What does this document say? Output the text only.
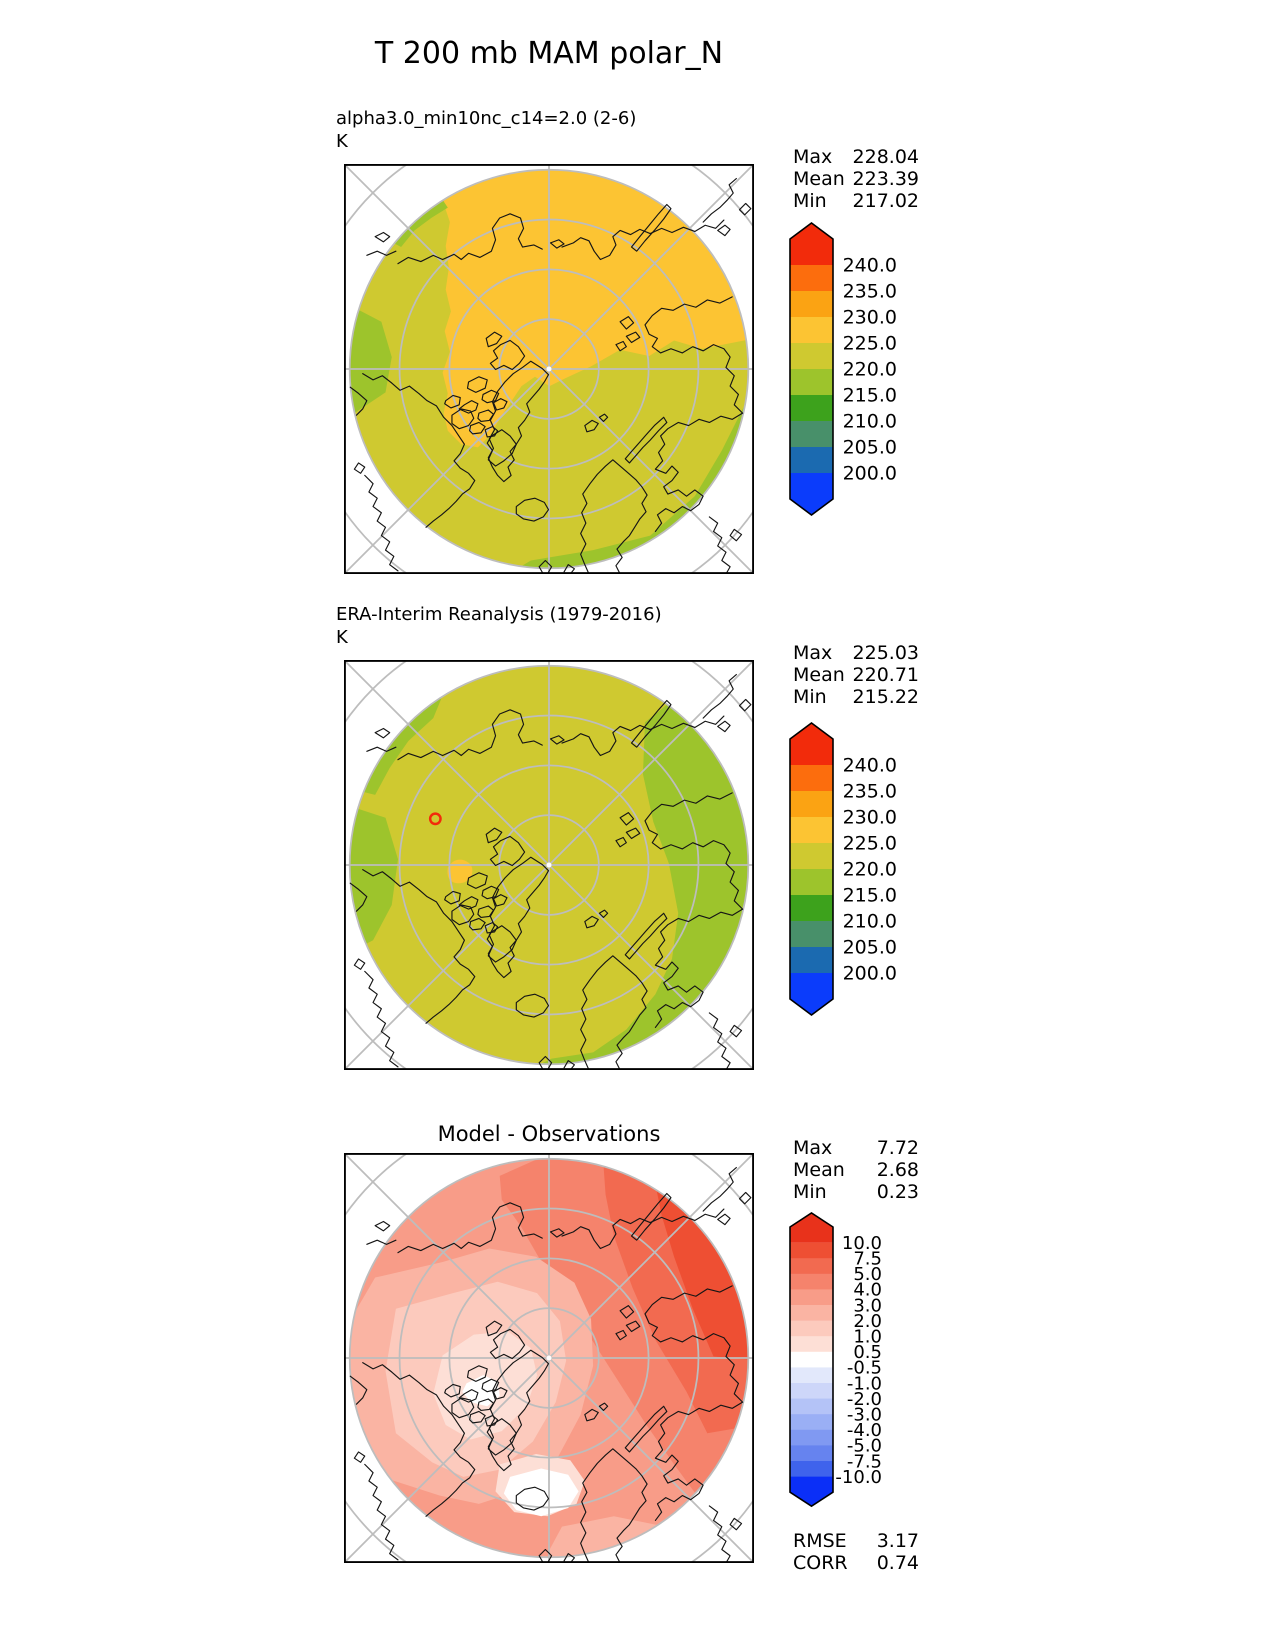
T 200 mb MAM polar_N
alpha3.0_min10nc_c14=2.0 (2-6)
K
Max 228.04
Mean 223.39
Min 217.02
240.0
235.0
230.0
225.0
220.0
215.0
210.0
205.0
200.0
ERA-Interim Reanalysis (1979-2016)
K
Max 225.03
Mean 220.71
Min 215.22
240.0
235.0
230.0
225.0
220.0
215.0
210.0
205.0
200.0
Model - Observations
Max 7.72
Mean 2.68
Min	0.23
10.0
7.5
5.0
4.0
3.0
2.0
1.0
0.5
-0.5
-1.0
-2.0
-3.0
-4.0
-5.0
-7.5
-10.0
RMSE 3.17
CORR 0.74
